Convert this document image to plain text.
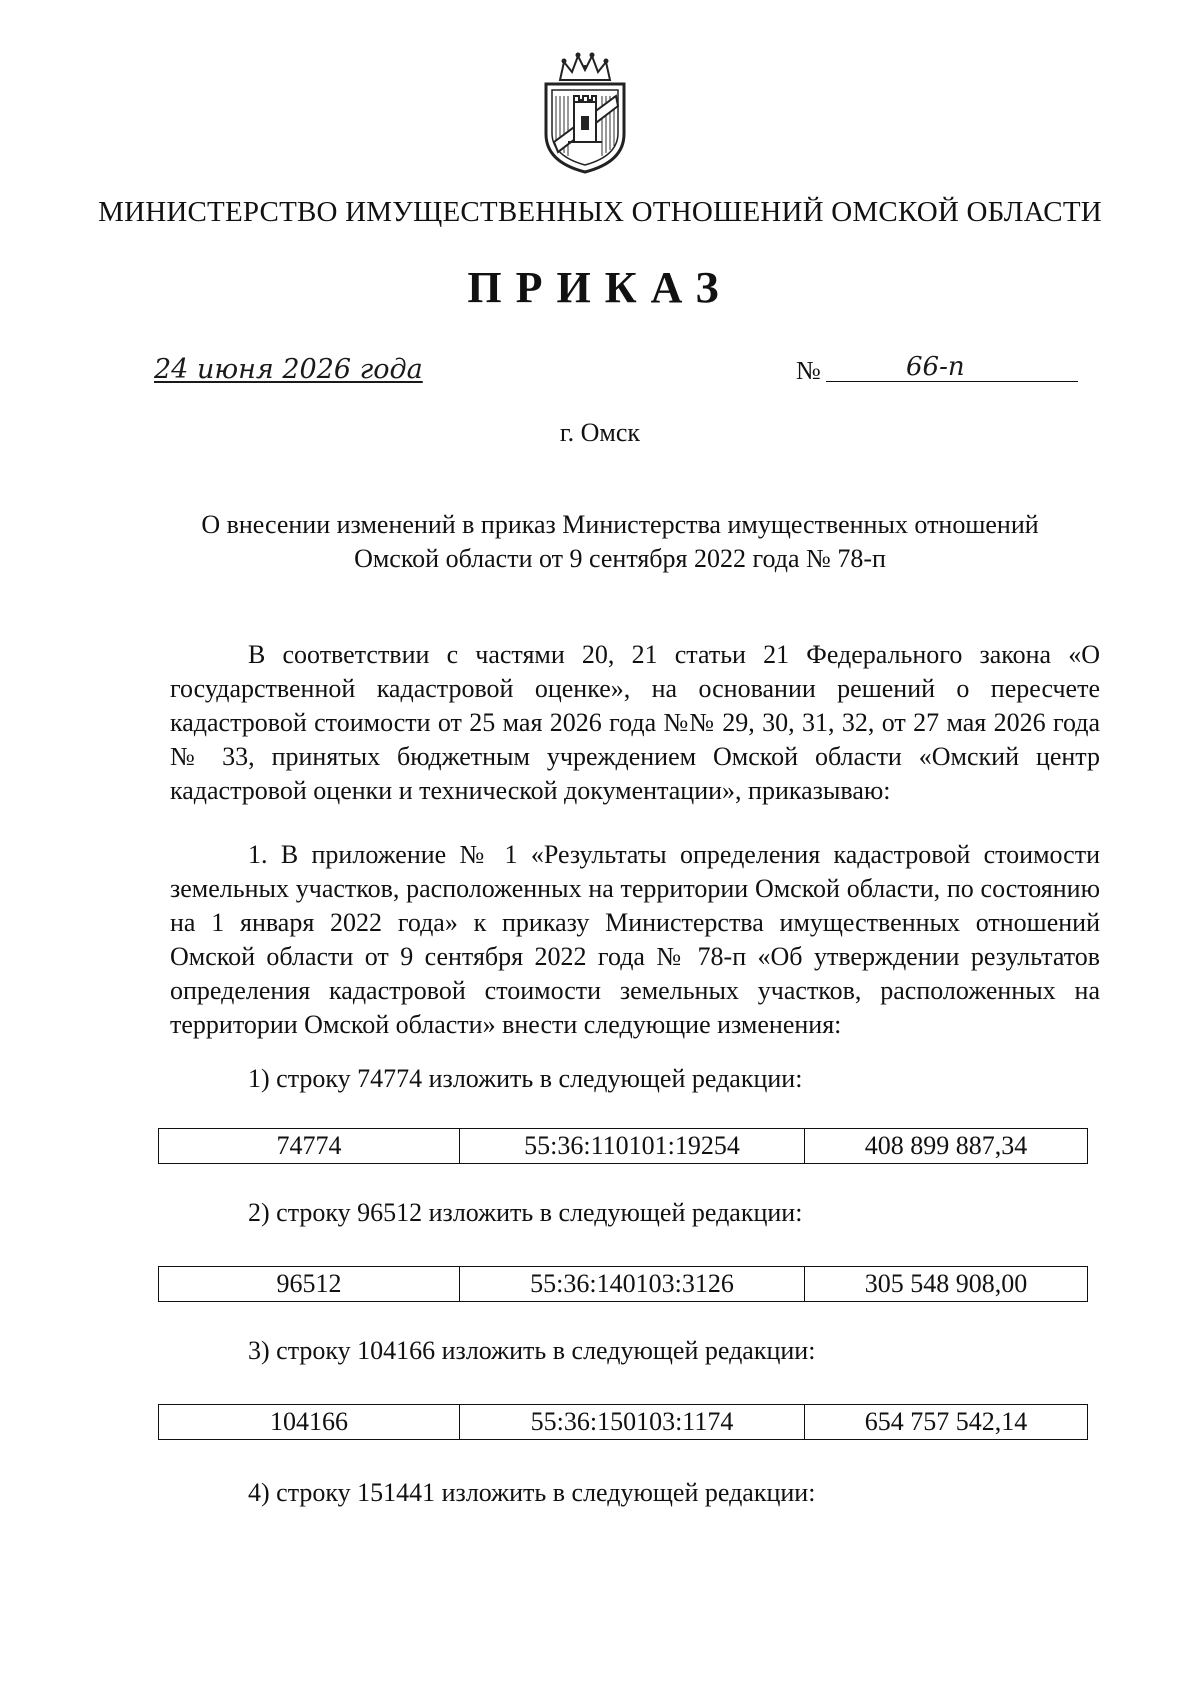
МИНИСТЕРСТВО ИМУЩЕСТВЕННЫХ ОТНОШЕНИЙ ОМСКОЙ ОБЛАСТИ
ПРИКАЗ
24 июня 2026 года	№	66-п
г. Омск
О внесении изменений в приказ Министерства имущественных отношений
Омской области от 9 сентября 2022 года № 78-п
В соответствии с частями 20, 21 статьи 21 Федерального закона «О государственной кадастровой оценке», на основании решений о пересчете кадастровой стоимости от 25 мая 2026 года №№ 29, 30, 31, 32, от 27 мая 2026 года № 33, принятых бюджетным учреждением Омской области «Омский центр кадастровой оценки и технической документации», приказываю:
1. В приложение № 1 «Результаты определения кадастровой стоимости земельных участков, расположенных на территории Омской области, по состоянию на 1 января 2022 года» к приказу Министерства имущественных отношений Омской области от 9 сентября 2022 года № 78-п «Об утверждении результатов определения кадастровой стоимости земельных участков, расположенных на территории Омской области» внести следующие изменения:
1) строку 74774 изложить в следующей редакции:
74774	55:36:110101:19254	408 899 887,34
2) строку 96512 изложить в следующей редакции:
96512	55:36:140103:3126	305 548 908,00
3) строку 104166 изложить в следующей редакции:
104166	55:36:150103:1174	654 757 542,14
4) строку 151441 изложить в следующей редакции:
